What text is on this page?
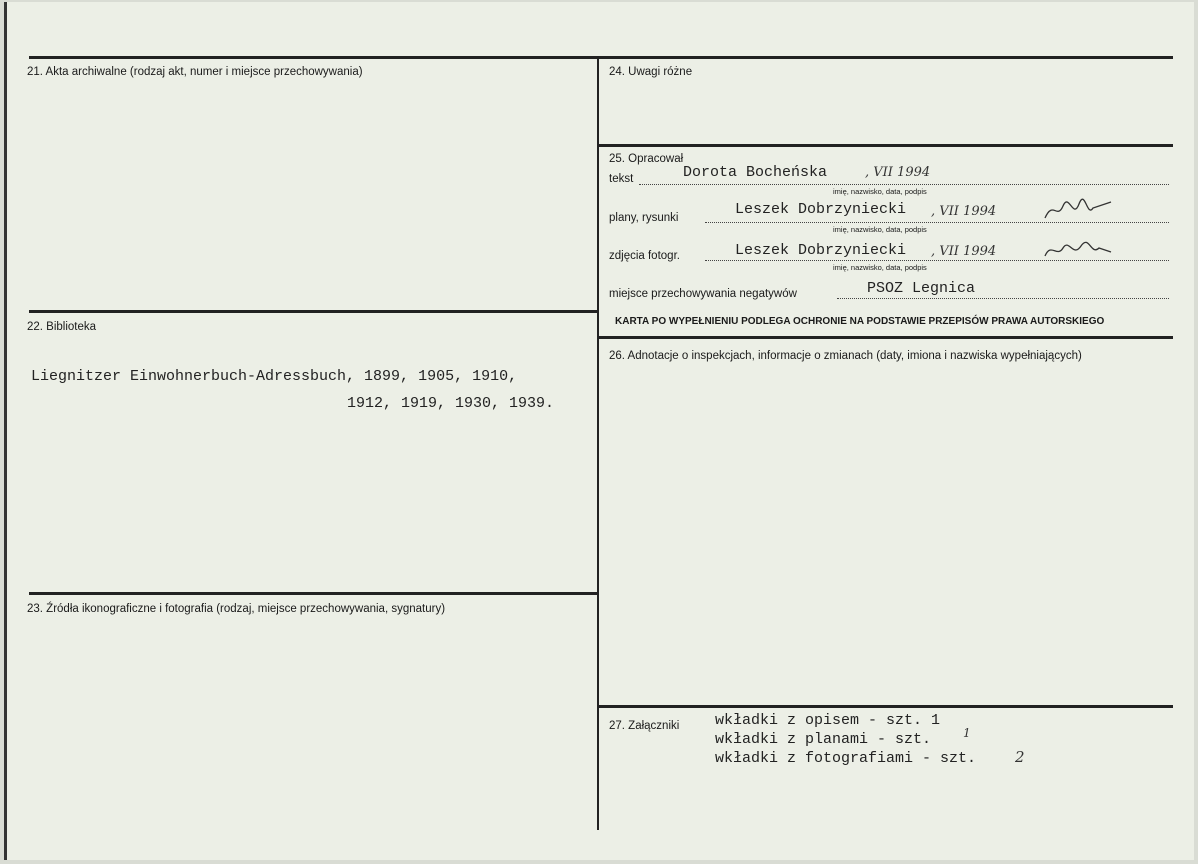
21. Akta archiwalne (rodzaj akt, numer i miejsce przechowywania)
22. Biblioteka
Liegnitzer Einwohnerbuch-Adressbuch, 1899, 1905, 1910,
1912, 1919, 1930, 1939.
23. Źródła ikonograficzne i fotografia (rodzaj, miejsce przechowywania, sygnatury)
24. Uwagi różne
25. Opracował
tekst	Dorota Bocheńska	, VII 1994
imię, nazwisko, data, podpis
plany, rysunki	Leszek Dobrzyniecki , VII 1994
imię, nazwisko, data, podpis
zdjęcia fotogr.	Leszek Dobrzyniecki , VII 1994
imię, nazwisko, data, podpis
miejsce przechowywania negatywów	PSOZ Legnica
KARTA PO WYPEŁNIENIU PODLEGA OCHRONIE NA PODSTAWIE PRZEPISÓW PRAWA AUTORSKIEGO
26. Adnotacje o inspekcjach, informacje o zmianach (daty, imiona i nazwiska wypełniających)
27. Załączniki wkładki z opisem - szt. 1
wkładki z planami - szt.	1
wkładki z fotografiami - szt.	2
